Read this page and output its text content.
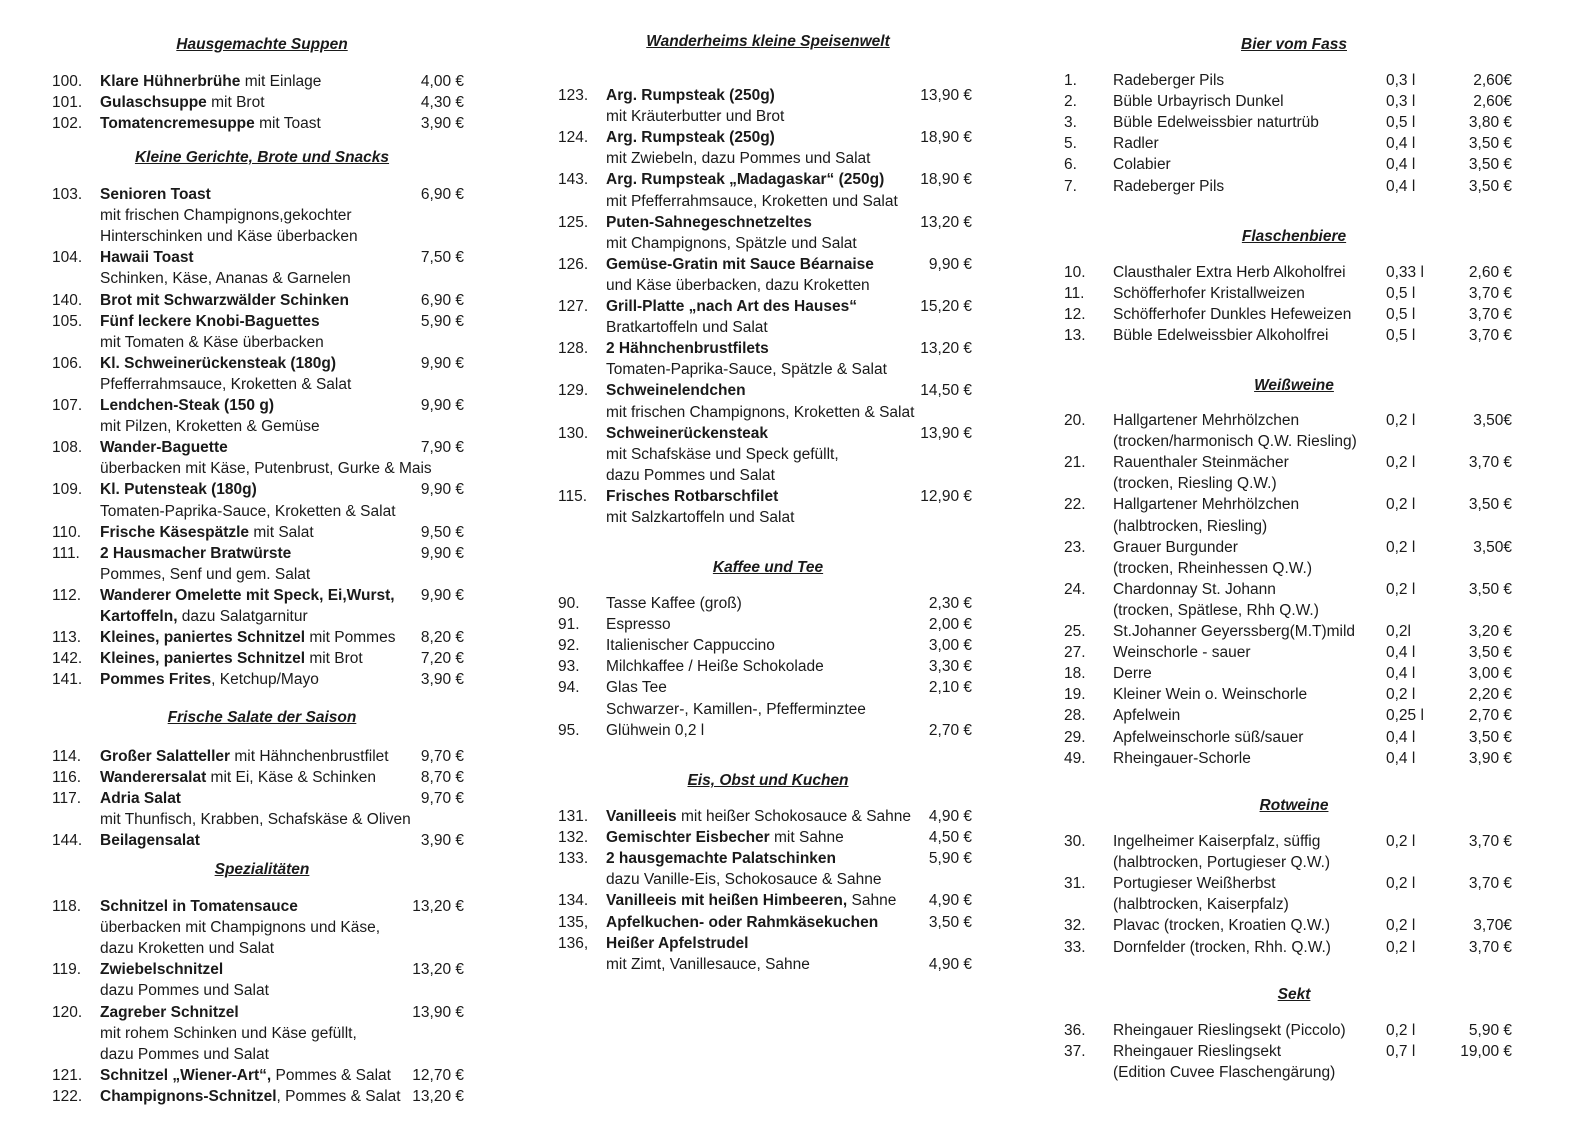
Hausgemachte Suppen
100. Klare Hühnerbrühe mit Einlage	4,00 €
101. Gulaschsuppe mit Brot	4,30 €
102. Tomatencremesuppe mit Toast	3,90 €
Kleine Gerichte, Brote und Snacks
103. Senioren Toast	6,90 €
mit frischen Champignons,gekochter
Hinterschinken und Käse überbacken
104. Hawaii Toast	7,50 €
Schinken, Käse, Ananas & Garnelen
140. Brot mit Schwarzwälder Schinken	6,90 €
105. Fünf leckere Knobi-Baguettes	5,90 €
mit Tomaten & Käse überbacken
106. Kl. Schweinerückensteak (180g)	9,90 €
Pfefferrahmsauce, Kroketten & Salat
107. Lendchen-Steak (150 g)	9,90 €
mit Pilzen, Kroketten & Gemüse
108. Wander-Baguette	7,90 €
überbacken mit Käse, Putenbrust, Gurke & Mais
109. Kl. Putensteak (180g)	9,90 €
Tomaten-Paprika-Sauce, Kroketten & Salat
110. Frische Käsespätzle mit Salat	9,50 €
111. 2 Hausmacher Bratwürste	9,90 €
Pommes, Senf und gem. Salat
112. Wanderer Omelette mit Speck, Ei,Wurst, 9,90 €
Kartoffeln, dazu Salatgarnitur
113. Kleines, paniertes Schnitzel mit Pommes 8,20 €
142. Kleines, paniertes Schnitzel mit Brot	7,20 €
141. Pommes Frites, Ketchup/Mayo	3,90 €
Frische Salate der Saison
114. Großer Salatteller mit Hähnchenbrustfilet 9,70 €
116. Wanderersalat mit Ei, Käse & Schinken	8,70 €
117. Adria Salat	9,70 €
mit Thunfisch, Krabben, Schafskäse & Oliven
144. Beilagensalat	3,90 €
Spezialitäten
118. Schnitzel in Tomatensauce	13,20 €
überbacken mit Champignons und Käse,
dazu Kroketten und Salat
119. Zwiebelschnitzel	13,20 €
dazu Pommes und Salat
120. Zagreber Schnitzel	13,90 €
mit rohem Schinken und Käse gefüllt,
dazu Pommes und Salat
121. Schnitzel „Wiener-Art“, Pommes & Salat 12,70 €
122. Champignons-Schnitzel, Pommes & Salat 13,20 €
Wanderheims kleine Speisenwelt
123. Arg. Rumpsteak (250g)	13,90 €
mit Kräuterbutter und Brot
124. Arg. Rumpsteak (250g)	18,90 €
mit Zwiebeln, dazu Pommes und Salat
143. Arg. Rumpsteak „Madagaskar“ (250g) 18,90 €
mit Pfefferrahmsauce, Kroketten und Salat
125. Puten-Sahnegeschnetzeltes	13,20 €
mit Champignons, Spätzle und Salat
126. Gemüse-Gratin mit Sauce Béarnaise	9,90 €
und Käse überbacken, dazu Kroketten
127. Grill-Platte „nach Art des Hauses“	15,20 €
Bratkartoffeln und Salat
128. 2 Hähnchenbrustfilets	13,20 €
Tomaten-Paprika-Sauce, Spätzle & Salat
129. Schweinelendchen	14,50 €
mit frischen Champignons, Kroketten & Salat
130. Schweinerückensteak	13,90 €
mit Schafskäse und Speck gefüllt,
dazu Pommes und Salat
115. Frisches Rotbarschfilet	12,90 €
mit Salzkartoffeln und Salat
Kaffee und Tee
90. Tasse Kaffee (groß)	2,30 €
91. Espresso	2,00 €
92. Italienischer Cappuccino	3,00 €
93. Milchkaffee / Heiße Schokolade	3,30 €
94. Glas Tee	2,10 €
Schwarzer-, Kamillen-, Pfefferminztee
95. Glühwein 0,2 l	2,70 €
Eis, Obst und Kuchen
131. Vanilleeis mit heißer Schokosauce & Sahne 4,90 €
132. Gemischter Eisbecher mit Sahne	4,50 €
133. 2 hausgemachte Palatschinken	5,90 €
dazu Vanille-Eis, Schokosauce & Sahne
134. Vanilleeis mit heißen Himbeeren, Sahne 4,90 €
135, Apfelkuchen- oder Rahmkäsekuchen	3,50 €
136, Heißer Apfelstrudel
mit Zimt, Vanillesauce, Sahne	4,90 €
Bier vom Fass
1. Radeberger Pils	0,3 l	2,60€
2. Büble Urbayrisch Dunkel	0,3 l	2,60€
3. Büble Edelweissbier naturtrüb	0,5 l	3,80 €
5. Radler	0,4 l	3,50 €
6. Colabier	0,4 l	3,50 €
7. Radeberger Pils	0,4 l	3,50 €
Flaschenbiere
10. Clausthaler Extra Herb Alkoholfrei	0,33 l	2,60 €
11. Schöfferhofer Kristallweizen	0,5 l	3,70 €
12. Schöfferhofer Dunkles Hefeweizen 0,5 l	3,70 €
13. Büble Edelweissbier Alkoholfrei	0,5 l	3,70 €
Weißweine
20. Hallgartener Mehrhölzchen	0,2 l	3,50€
(trocken/harmonisch Q.W. Riesling)
21. Rauenthaler Steinmächer	0,2 l	3,70 €
(trocken, Riesling Q.W.)
22. Hallgartener Mehrhölzchen	0,2 l	3,50 €
(halbtrocken, Riesling)
23. Grauer Burgunder	0,2 l	3,50€
(trocken, Rheinhessen Q.W.)
24. Chardonnay St. Johann	0,2 l	3,50 €
(trocken, Spätlese, Rhh Q.W.)
25. St.Johanner Geyerssberg(M.T)mild 0,2l	3,20 €
27. Weinschorle - sauer	0,4 l	3,50 €
18. Derre	0,4 l	3,00 €
19. Kleiner Wein o. Weinschorle	0,2 l	2,20 €
28. Apfelwein	0,25 l	2,70 €
29. Apfelweinschorle süß/sauer	0,4 l	3,50 €
49. Rheingauer-Schorle	0,4 l	3,90 €
Rotweine
30. Ingelheimer Kaiserpfalz, süffig	0,2 l	3,70 €
(halbtrocken, Portugieser Q.W.)
31. Portugieser Weißherbst	0,2 l	3,70 €
(halbtrocken, Kaiserpfalz)
32. Plavac (trocken, Kroatien Q.W.)	0,2 l	3,70€
33. Dornfelder (trocken, Rhh. Q.W.)	0,2 l	3,70 €
Sekt
36. Rheingauer Rieslingsekt (Piccolo)	0,2 l	5,90 €
37. Rheingauer Rieslingsekt	0,7 l	19,00 €
(Edition Cuvee Flaschengärung)
